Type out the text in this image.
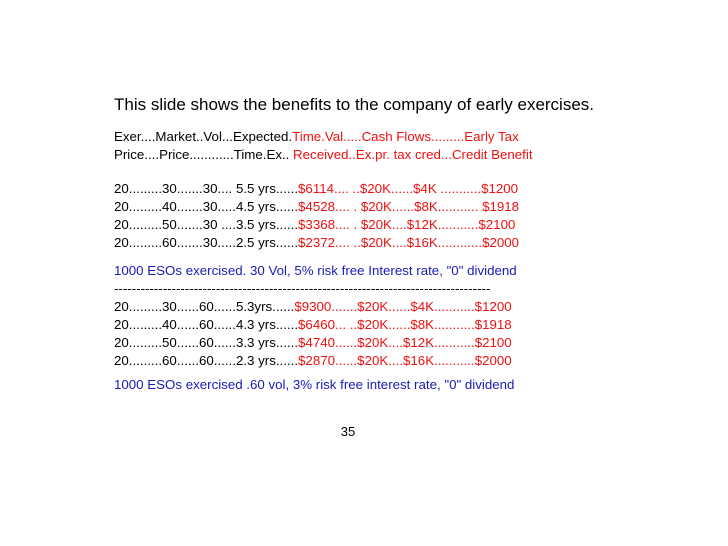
This slide shows the benefits to the company of early exercises.
Exer....Market..Vol...Expected.Time.Val.....Cash Flows.........Early Tax
Price....Price............Time.Ex.. Received..Ex.pr. tax cred...Credit Benefit
20.........30.......30.... 5.5 yrs......$6114.... ..$20K......$4K ...........$1200
20.........40.......30.....4.5 yrs......$4528.... . $20K......$8K........... $1918
20.........50.......30 ....3.5 yrs......$3368.... . $20K....$12K...........$2100
20.........60.......30.....2.5 yrs......$2372.... ..$20K....$16K............$2000
1000 ESOs exercised. 30 Vol, 5% risk free Interest rate, "0" dividend
-------------------------------------------------------------------------------------
20.........30......60......5.3yrs......$9300.......$20K......$4K...........$1200
20.........40......60......4.3 yrs......$6460... ..$20K......$8K...........$1918
20.........50......60......3.3 yrs......$4740......$20K....$12K...........$2100
20.........60......60......2.3 yrs......$2870......$20K....$16K...........$2000
1000 ESOs exercised .60 vol, 3% risk free interest rate, "0" dividend
35
